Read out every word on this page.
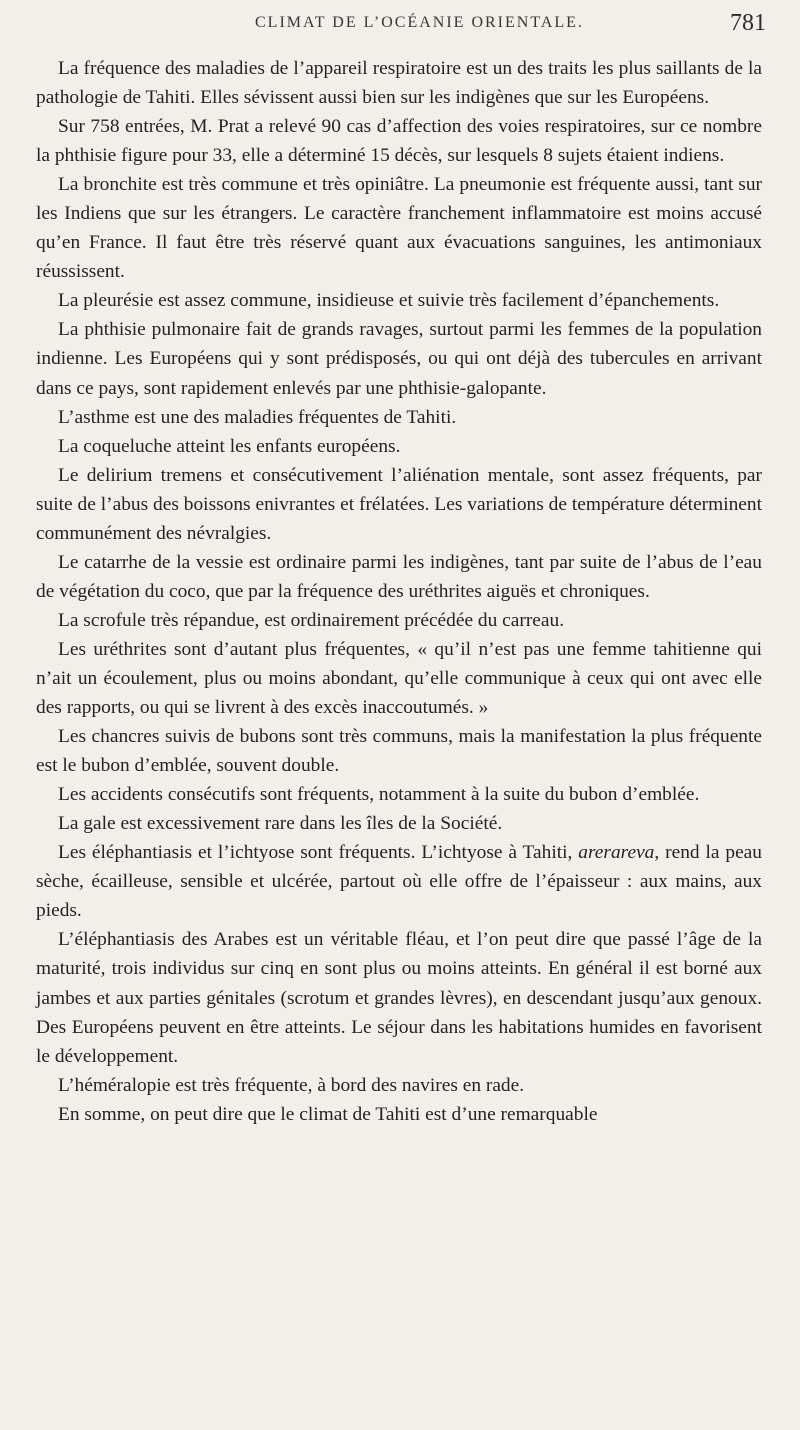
CLIMAT DE L’OCÉANIE ORIENTALE.	781

La fréquence des maladies de l’appareil respiratoire est un des traits les plus saillants de la pathologie de Tahiti. Elles sévissent aussi bien sur les indigènes que sur les Européens.

Sur 758 entrées, M. Prat a relevé 90 cas d’affection des voies respiratoires, sur ce nombre la phthisie figure pour 33, elle a déterminé 15 décès, sur lesquels 8 sujets étaient indiens.

La bronchite est très commune et très opiniâtre. La pneumonie est fréquente aussi, tant sur les Indiens que sur les étrangers. Le caractère franchement inflammatoire est moins accusé qu’en France. Il faut être très réservé quant aux évacuations sanguines, les antimoniaux réussissent.

La pleurésie est assez commune, insidieuse et suivie très facilement d’épanchements.

La phthisie pulmonaire fait de grands ravages, surtout parmi les femmes de la population indienne. Les Européens qui y sont prédisposés, ou qui ont déjà des tubercules en arrivant dans ce pays, sont rapidement enlevés par une phthisie-galopante.

L’asthme est une des maladies fréquentes de Tahiti.

La coqueluche atteint les enfants européens.

Le delirium tremens et consécutivement l’aliénation mentale, sont assez fréquents, par suite de l’abus des boissons enivrantes et frélatées. Les variations de température déterminent communément des névralgies.

Le catarrhe de la vessie est ordinaire parmi les indigènes, tant par suite de l’abus de l’eau de végétation du coco, que par la fréquence des uréthrites aiguës et chroniques.

La scrofule très répandue, est ordinairement précédée du carreau.

Les uréthrites sont d’autant plus fréquentes, « qu’il n’est pas une femme tahitienne qui n’ait un écoulement, plus ou moins abondant, qu’elle communique à ceux qui ont avec elle des rapports, ou qui se livrent à des excès inaccoutumés. »

Les chancres suivis de bubons sont très communs, mais la manifestation la plus fréquente est le bubon d’emblée, souvent double.

Les accidents consécutifs sont fréquents, notamment à la suite du bubon d’emblée.

La gale est excessivement rare dans les îles de la Société.

Les éléphantiasis et l’ichtyose sont fréquents. L’ichtyose à Tahiti, arerareva, rend la peau sèche, écailleuse, sensible et ulcérée, partout où elle offre de l’épaisseur : aux mains, aux pieds.

L’éléphantiasis des Arabes est un véritable fléau, et l’on peut dire que passé l’âge de la maturité, trois individus sur cinq en sont plus ou moins atteints. En général il est borné aux jambes et aux parties génitales (scrotum et grandes lèvres), en descendant jusqu’aux genoux. Des Européens peuvent en être atteints. Le séjour dans les habitations humides en favorisent le développement.

L’héméralopie est très fréquente, à bord des navires en rade.

En somme, on peut dire que le climat de Tahiti est d’une remarquable
